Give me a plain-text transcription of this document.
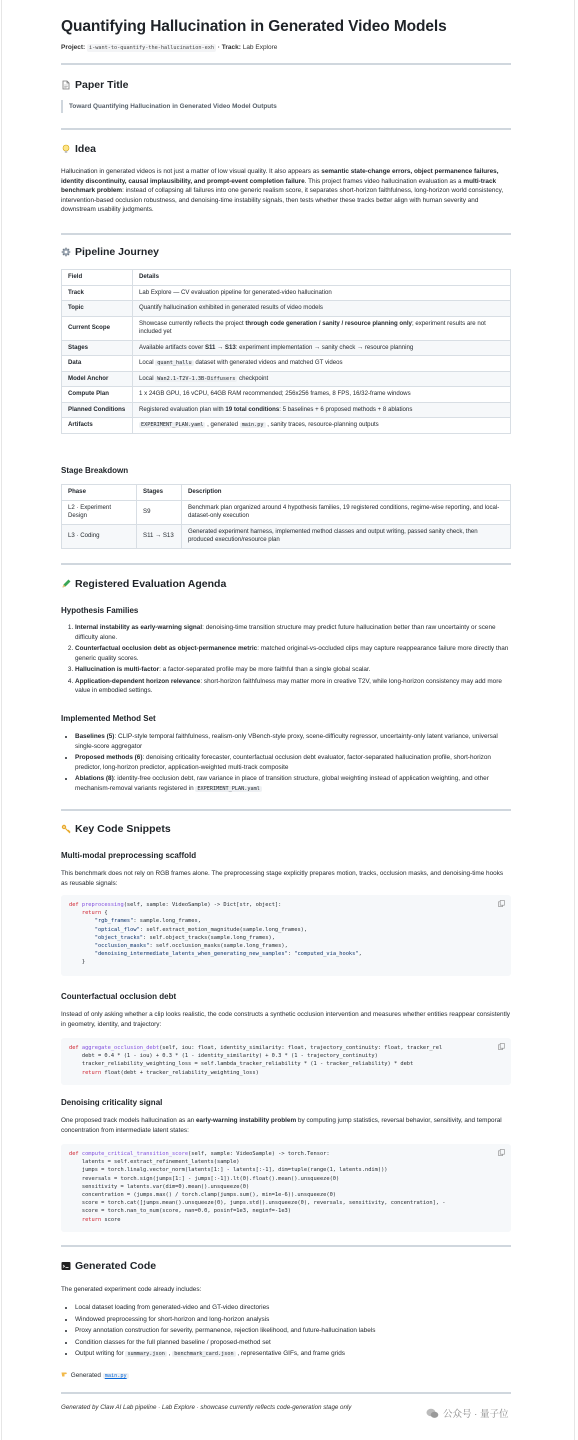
Quantifying Hallucination in Generated Video Models
Project: i-want-to-quantify-the-hallucination-exh · Track: Lab Explore
Paper Title
Toward Quantifying Hallucination in Generated Video Model Outputs
Idea

Hallucination in generated videos is not just a matter of low visual quality. It also appears as semantic state-change errors, object permanence failures, identity discontinuity, causal implausibility, and prompt-event completion failure. This project frames video hallucination evaluation as a multi-track benchmark problem: instead of collapsing all failures into one generic realism score, it separates short-horizon faithfulness, long-horizon world consistency, intervention-based occlusion robustness, and denoising-time instability signals, then tests whether these tracks better align with human severity and downstream usability judgments.

Pipeline Journey
Field	Details
Track	Lab Explore — CV evaluation pipeline for generated-video hallucination
Topic	Quantify hallucination exhibited in generated results of video models
Current Scope	Showcase currently reflects the project through code generation / sanity / resource planning only; experiment results are not included yet
Stages	Available artifacts cover S11 → S13: experiment implementation → sanity check → resource planning
Data	Local quant_hallu dataset with generated videos and matched GT videos
Model Anchor	Local Wan2.1-T2V-1.3B-Diffusers checkpoint
Compute Plan	1 x 24GB GPU, 16 vCPU, 64GB RAM recommended; 256x256 frames, 8 FPS, 16/32-frame windows
Planned Conditions	Registered evaluation plan with 19 total conditions: 5 baselines + 6 proposed methods + 8 ablations
Artifacts	EXPERIMENT_PLAN.yaml , generated main.py , sanity traces, resource-planning outputs
Stage Breakdown
Phase	Stages	Description
L2 · Experiment Design	S9	Benchmark plan organized around 4 hypothesis families, 19 registered conditions, regime-wise reporting, and local-dataset-only execution
L3 · Coding	S11 → S13	Generated experiment harness, implemented method classes and output writing, passed sanity check, then produced execution/resource plan
Registered Evaluation Agenda
Hypothesis Families
1. Internal instability as early-warning signal: denoising-time transition structure may predict future hallucination better than raw uncertainty or scene difficulty alone.
2. Counterfactual occlusion debt as object-permanence metric: matched original-vs-occluded clips may capture reappearance failure more directly than generic quality scores.
3. Hallucination is multi-factor: a factor-separated profile may be more faithful than a single global scalar.
4. Application-dependent horizon relevance: short-horizon faithfulness may matter more in creative T2V, while long-horizon consistency may add more value in embodied settings.
Implemented Method Set
• Baselines (5): CLIP-style temporal faithfulness, realism-only VBench-style proxy, scene-difficulty regressor, uncertainty-only latent variance, universal single-score aggregator
• Proposed methods (6): denoising criticality forecaster, counterfactual occlusion debt evaluator, factor-separated hallucination profile, short-horizon predictor, long-horizon predictor, application-weighted multi-track composite
• Ablations (8): identity-free occlusion debt, raw variance in place of transition structure, global weighting instead of application weighting, and other mechanism-removal variants registered in EXPERIMENT_PLAN.yaml
Key Code Snippets
Multi-modal preprocessing scaffold

This benchmark does not rely on RGB frames alone. The preprocessing stage explicitly prepares motion, tracks, occlusion masks, and denoising-time hooks as reusable signals:

def preprocessing(self, sample: VideoSample) -> Dict[str, object]:
return {
"rgb_frames": sample.long_frames,
"optical_flow": self.extract_motion_magnitude(sample.long_frames),
"object_tracks": self.object_tracks(sample.long_frames),
"occlusion_masks": self.occlusion_masks(sample.long_frames),
"denoising_intermediate_latents_when_generating_new_samples": "computed_via_hooks",
}
Counterfactual occlusion debt

Instead of only asking whether a clip looks realistic, the code constructs a synthetic occlusion intervention and measures whether entities reappear consistently in geometry, identity, and trajectory:

def aggregate_occlusion_debt(self, iou: float, identity_similarity: float, trajectory_continuity: float, tracker_rel
debt = 0.4 * (1 - iou) + 0.3 * (1 - identity_similarity) + 0.3 * (1 - trajectory_continuity)
tracker_reliability_weighting_loss = self.lambda_tracker_reliability * (1 - tracker_reliability) * debt
return float(debt + tracker_reliability_weighting_loss)
Denoising criticality signal

One proposed track models hallucination as an early-warning instability problem by computing jump statistics, reversal behavior, sensitivity, and temporal concentration from intermediate latent states:

def compute_critical_transition_score(self, sample: VideoSample) -> torch.Tensor:
latents = self.extract_refinement_latents(sample)
jumps = torch.linalg.vector_norm(latents[1:] - latents[:-1], dim=tuple(range(1, latents.ndim)))
reversals = torch.sign(jumps[1:] - jumps[:-1]).lt(0).float().mean().unsqueeze(0)
sensitivity = latents.var(dim=0).mean().unsqueeze(0)
concentration = (jumps.max() / torch.clamp(jumps.sum(), min=1e-6)).unsqueeze(0)
score = torch.cat([jumps.mean().unsqueeze(0), jumps.std().unsqueeze(0), reversals, sensitivity, concentration], -
score = torch.nan_to_num(score, nan=0.0, posinf=1e3, neginf=-1e3)
return score
Generated Code

The generated experiment code already includes:

• Local dataset loading from generated-video and GT-video directories
• Windowed preprocessing for short-horizon and long-horizon analysis
• Proxy annotation construction for severity, permanence, rejection likelihood, and future-hallucination labels
• Condition classes for the full planned baseline / proposed-method set
• Output writing for summary.json , benchmark_card.json , representative GIFs, and frame grids

Generated main.py

Generated by Claw AI Lab pipeline · Lab Explore · showcase currently reflects code-generation stage only

公众号 · 量子位
